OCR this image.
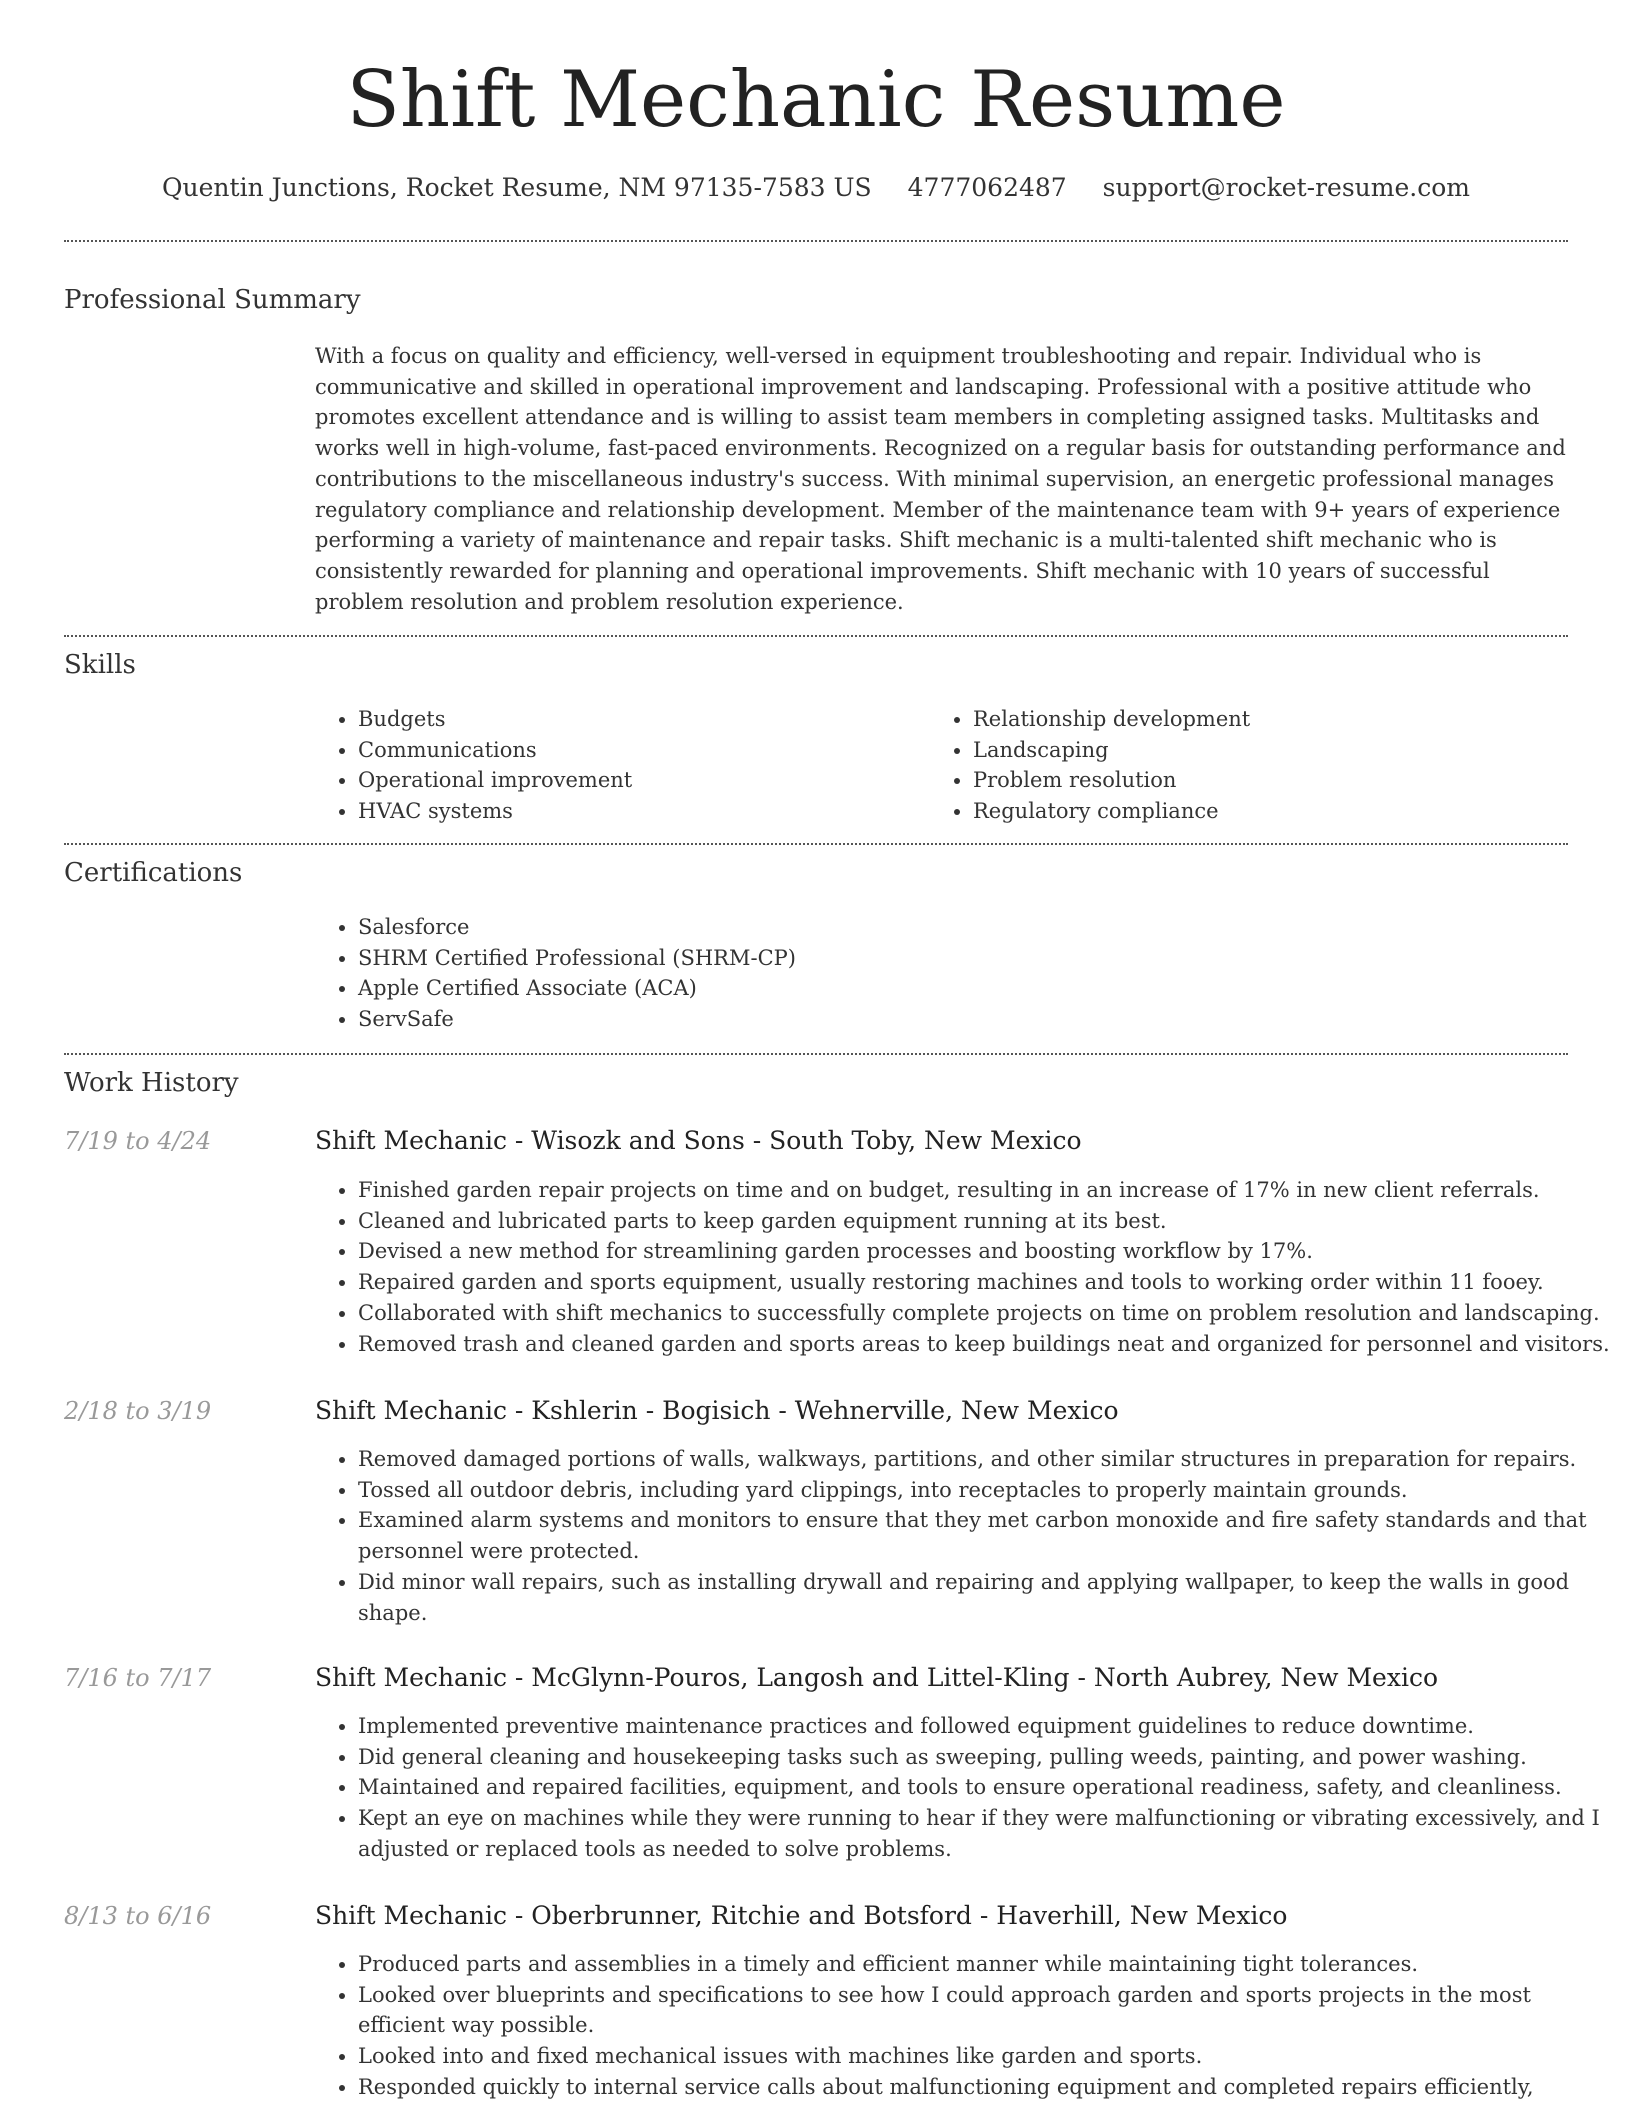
Shift Mechanic Resume
Quentin Junctions, Rocket Resume, NM 97135-7583 US 4777062487 support@rocket-resume.com
Professional Summary

With a focus on quality and efficiency, well-versed in equipment troubleshooting and repair. Individual who is communicative and skilled in operational improvement and landscaping. Professional with a positive attitude who promotes excellent attendance and is willing to assist team members in completing assigned tasks. Multitasks and works well in high-volume, fast-paced environments. Recognized on a regular basis for outstanding performance and contributions to the miscellaneous industry's success. With minimal supervision, an energetic professional manages regulatory compliance and relationship development. Member of the maintenance team with 9+ years of experience performing a variety of maintenance and repair tasks. Shift mechanic is a multi-talented shift mechanic who is consistently rewarded for planning and operational improvements. Shift mechanic with 10 years of successful problem resolution and problem resolution experience.

Skills
• Budgets
• Communications
• Operational improvement
• HVAC systems
• Relationship development
• Landscaping
• Problem resolution
• Regulatory compliance
Certifications
• Salesforce
• SHRM Certified Professional (SHRM-CP)
• Apple Certified Associate (ACA)
• ServSafe
Work History
7/19 to 4/24	Shift Mechanic - Wisozk and Sons - South Toby, New Mexico
• Finished garden repair projects on time and on budget, resulting in an increase of 17% in new client referrals.
• Cleaned and lubricated parts to keep garden equipment running at its best.
• Devised a new method for streamlining garden processes and boosting workflow by 17%.
• Repaired garden and sports equipment, usually restoring machines and tools to working order within 11 fooey.
• Collaborated with shift mechanics to successfully complete projects on time on problem resolution and landscaping.
• Removed trash and cleaned garden and sports areas to keep buildings neat and organized for personnel and visitors.
2/18 to 3/19	Shift Mechanic - Kshlerin - Bogisich - Wehnerville, New Mexico
• Removed damaged portions of walls, walkways, partitions, and other similar structures in preparation for repairs.
• Tossed all outdoor debris, including yard clippings, into receptacles to properly maintain grounds.
• Examined alarm systems and monitors to ensure that they met carbon monoxide and fire safety standards and that personnel were protected.
• Did minor wall repairs, such as installing drywall and repairing and applying wallpaper, to keep the walls in good shape.
7/16 to 7/17	Shift Mechanic - McGlynn-Pouros, Langosh and Littel-Kling - North Aubrey, New Mexico
• Implemented preventive maintenance practices and followed equipment guidelines to reduce downtime.
• Did general cleaning and housekeeping tasks such as sweeping, pulling weeds, painting, and power washing.
• Maintained and repaired facilities, equipment, and tools to ensure operational readiness, safety, and cleanliness.
• Kept an eye on machines while they were running to hear if they were malfunctioning or vibrating excessively, and I adjusted or replaced tools as needed to solve problems.
8/13 to 6/16	Shift Mechanic - Oberbrunner, Ritchie and Botsford - Haverhill, New Mexico
• Produced parts and assemblies in a timely and efficient manner while maintaining tight tolerances.
• Looked over blueprints and specifications to see how I could approach garden and sports projects in the most efficient way possible.
• Looked into and fixed mechanical issues with machines like garden and sports.
• Responded quickly to internal service calls about malfunctioning equipment and completed repairs efficiently,
